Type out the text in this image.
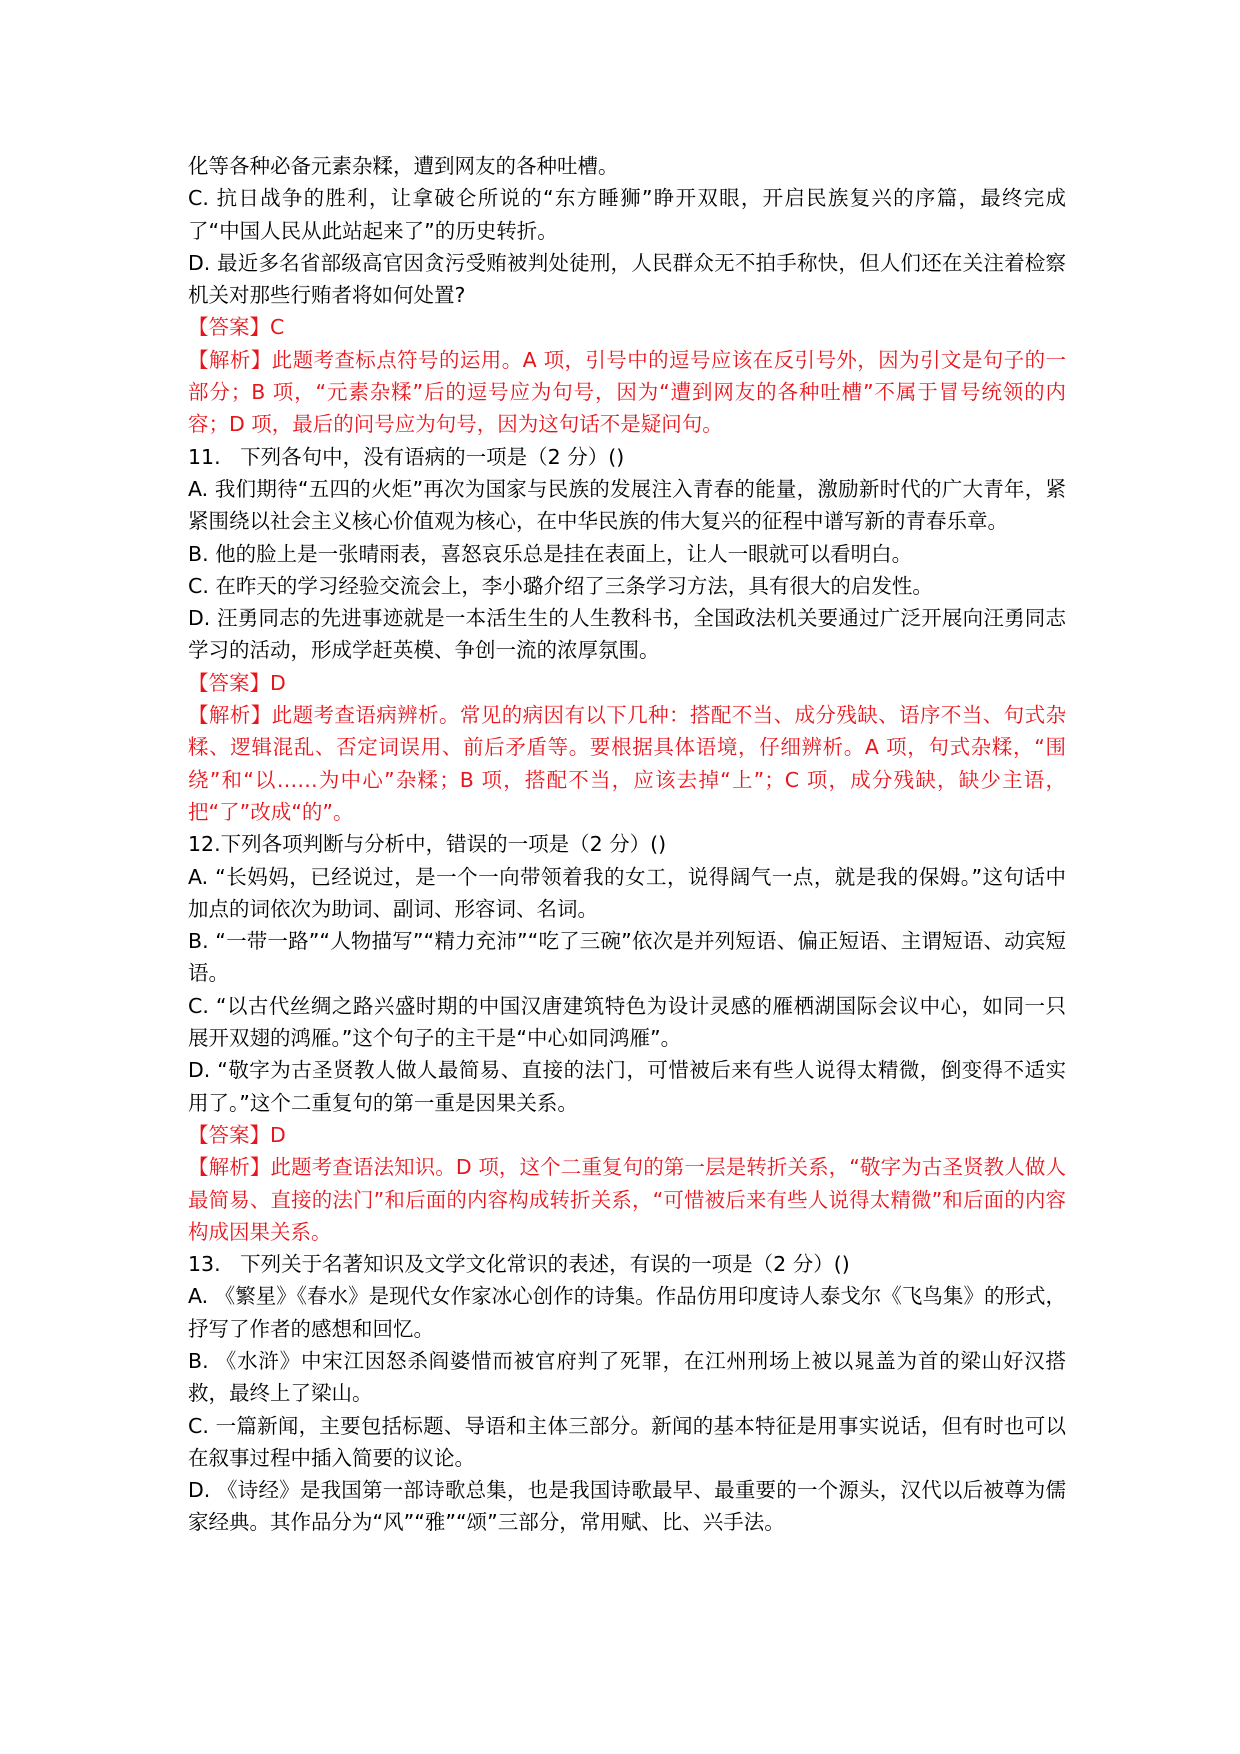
化等各种必备元素杂糅，遭到网友的各种吐槽。

C. 抗日战争的胜利，让拿破仑所说的“东方睡狮”睁开双眼，开启民族复兴的序篇，最终完成了“中国人民从此站起来了”的历史转折。

D. 最近多名省部级高官因贪污受贿被判处徒刑，人民群众无不拍手称快，但人们还在关注着检察机关对那些行贿者将如何处置?

【答案】C

【解析】此题考查标点符号的运用。A 项，引号中的逗号应该在反引号外，因为引文是句子的一部分；B 项，“元素杂糅”后的逗号应为句号，因为“遭到网友的各种吐槽”不属于冒号统领的内容；D 项，最后的问号应为句号，因为这句话不是疑问句。

11.   下列各句中，没有语病的一项是（2 分）()

A. 我们期待“五四的火炬”再次为国家与民族的发展注入青春的能量，激励新时代的广大青年，紧紧围绕以社会主义核心价值观为核心，在中华民族的伟大复兴的征程中谱写新的青春乐章。

B. 他的脸上是一张晴雨表，喜怒哀乐总是挂在表面上，让人一眼就可以看明白。

C. 在昨天的学习经验交流会上，李小璐介绍了三条学习方法，具有很大的启发性。

D. 汪勇同志的先进事迹就是一本活生生的人生教科书，全国政法机关要通过广泛开展向汪勇同志学习的活动，形成学赶英模、争创一流的浓厚氛围。

【答案】D

【解析】此题考查语病辨析。常见的病因有以下几种：搭配不当、成分残缺、语序不当、句式杂糅、逻辑混乱、否定词误用、前后矛盾等。要根据具体语境，仔细辨析。A 项，句式杂糅，“围绕”和“以……为中心”杂糅；B 项，搭配不当，应该去掉“上”；C 项，成分残缺，缺少主语，把“了”改成“的”。

12.下列各项判断与分析中，错误的一项是（2 分）()

A. “长妈妈，已经说过，是一个一向带领着我的女工，说得阔气一点，就是我的保姆。”这句话中加点的词依次为助词、副词、形容词、名词。

B. “一带一路”“人物描写”“精力充沛”“吃了三碗”依次是并列短语、偏正短语、主谓短语、动宾短语。

C. “以古代丝绸之路兴盛时期的中国汉唐建筑特色为设计灵感的雁栖湖国际会议中心，如同一只展开双翅的鸿雁。”这个句子的主干是“中心如同鸿雁”。

D. “敬字为古圣贤教人做人最简易、直接的法门，可惜被后来有些人说得太精微，倒变得不适实用了。”这个二重复句的第一重是因果关系。

【答案】D

【解析】此题考查语法知识。D 项，这个二重复句的第一层是转折关系，“敬字为古圣贤教人做人最简易、直接的法门”和后面的内容构成转折关系，“可惜被后来有些人说得太精微”和后面的内容构成因果关系。

13.   下列关于名著知识及文学文化常识的表述，有误的一项是（2 分）()

A. 《繁星》《春水》是现代女作家冰心创作的诗集。作品仿用印度诗人泰戈尔《飞鸟集》的形式，抒写了作者的感想和回忆。

B. 《水浒》中宋江因怒杀阎婆惜而被官府判了死罪，在江州刑场上被以晁盖为首的梁山好汉搭救，最终上了梁山。

C. 一篇新闻，主要包括标题、导语和主体三部分。新闻的基本特征是用事实说话，但有时也可以在叙事过程中插入简要的议论。

D. 《诗经》是我国第一部诗歌总集，也是我国诗歌最早、最重要的一个源头，汉代以后被尊为儒家经典。其作品分为“风”“雅”“颂”三部分，常用赋、比、兴手法。
